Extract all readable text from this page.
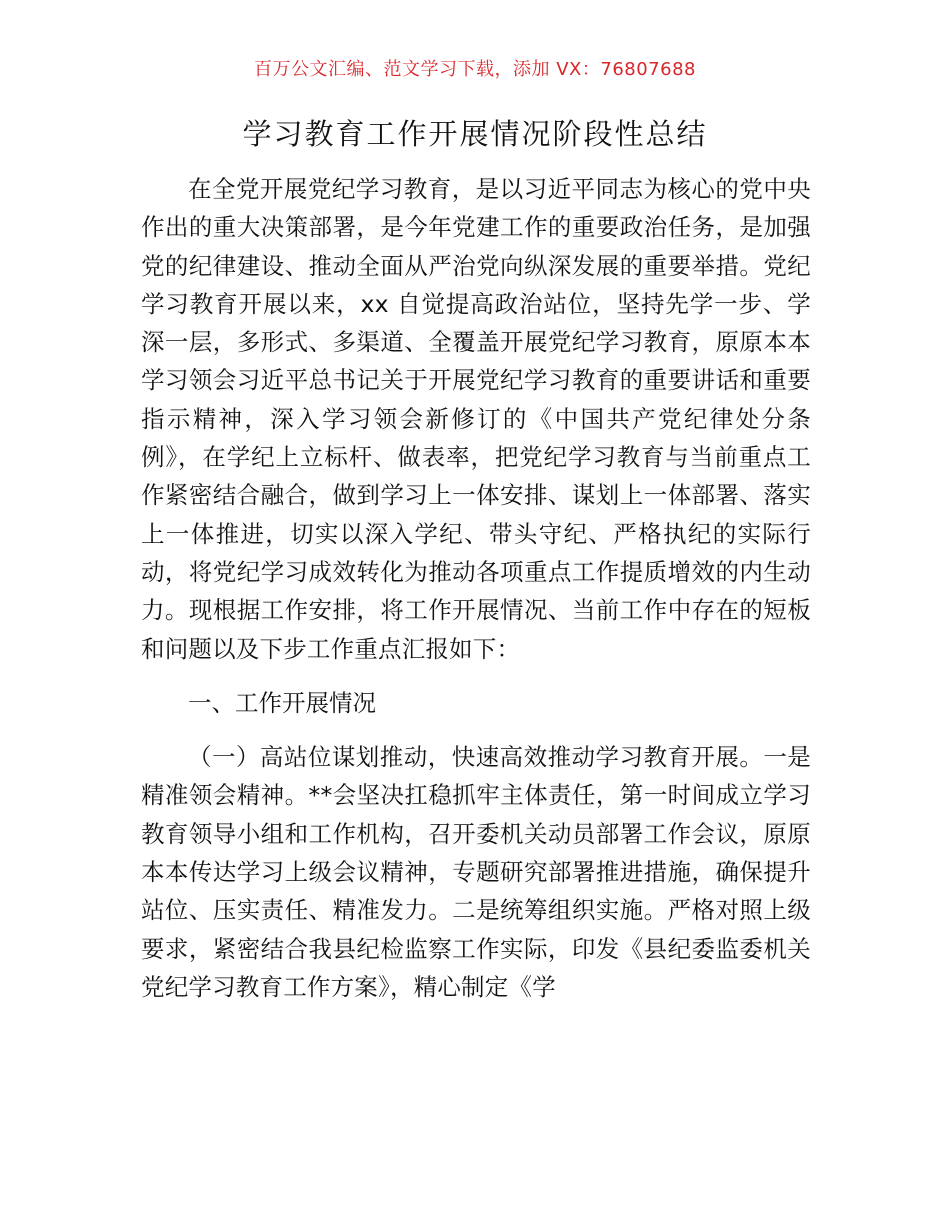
百万公文汇编、范文学习下载，添加 VX：76807688
学习教育工作开展情况阶段性总结

在全党开展党纪学习教育，是以习近平同志为核心的党中央作出的重大决策部署，是今年党建工作的重要政治任务，是加强党的纪律建设、推动全面从严治党向纵深发展的重要举措。党纪学习教育开展以来，xx 自觉提高政治站位，坚持先学一步、学深一层，多形式、多渠道、全覆盖开展党纪学习教育，原原本本学习领会习近平总书记关于开展党纪学习教育的重要讲话和重要指示精神，深入学习领会新修订的《中国共产党纪律处分条例》，在学纪上立标杆、做表率，把党纪学习教育与当前重点工作紧密结合融合，做到学习上一体安排、谋划上一体部署、落实上一体推进，切实以深入学纪、带头守纪、严格执纪的实际行动，将党纪学习成效转化为推动各项重点工作提质增效的内生动力。现根据工作安排，将工作开展情况、当前工作中存在的短板和问题以及下步工作重点汇报如下：

一、工作开展情况

（一）高站位谋划推动，快速高效推动学习教育开展。一是精准领会精神。**会坚决扛稳抓牢主体责任，第一时间成立学习教育领导小组和工作机构，召开委机关动员部署工作会议，原原本本传达学习上级会议精神，专题研究部署推进措施，确保提升站位、压实责任、精准发力。二是统筹组织实施。严格对照上级要求，紧密结合我县纪检监察工作实际，印发《县纪委监委机关党纪学习教育工作方案》，精心制定《学
